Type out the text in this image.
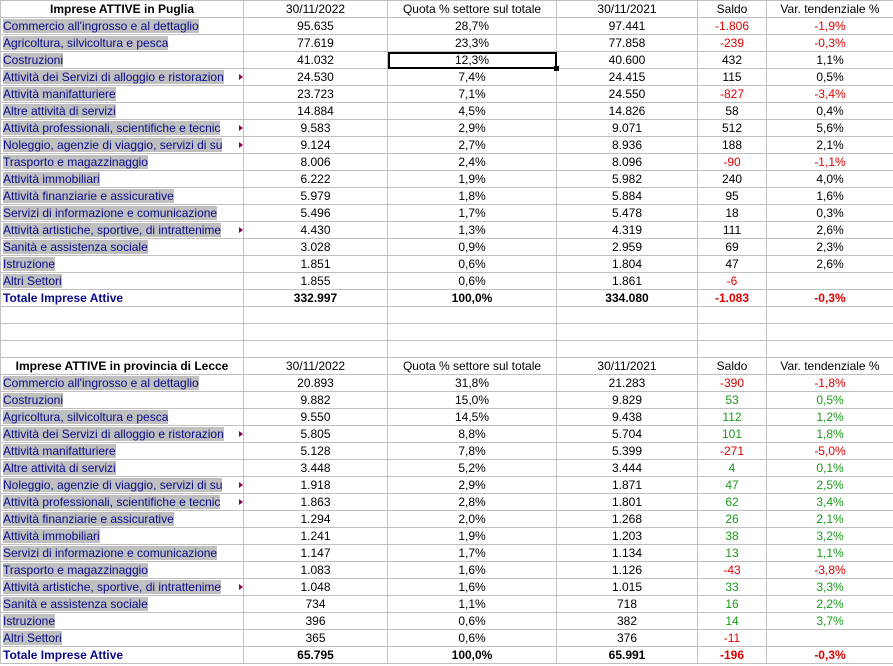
Imprese ATTIVE in Puglia	30/11/2022	Quota % settore sul totale	30/11/2021	Saldo	Var. tendenziale %
Commercio all'ingrosso e al dettaglio	95.635	28,7%	97.441	-1.806	-1,9%
Agricoltura, silvicoltura e pesca	77.619	23,3%	77.858	-239	-0,3%
Costruzioni	41.032	12,3%	40.600	432	1,1%
Attività dei Servizi di alloggio e ristorazion	24.530	7,4%	24.415	115	0,5%
Attività manifatturiere	23.723	7,1%	24.550	-827	-3,4%
Altre attività di servizi	14.884	4,5%	14.826	58	0,4%
Attività professionali, scientifiche e tecnic	9.583	2,9%	9.071	512	5,6%
Noleggio, agenzie di viaggio, servizi di su	9.124	2,7%	8.936	188	2,1%
Trasporto e magazzinaggio	8.006	2,4%	8.096	-90	-1,1%
Attività immobiliari	6.222	1,9%	5.982	240	4,0%
Attività finanziarie e assicurative	5.979	1,8%	5.884	95	1,6%
Servizi di informazione e comunicazione	5.496	1,7%	5.478	18	0,3%
Attività artistiche, sportive, di intrattenime	4.430	1,3%	4.319	111	2,6%
Sanità e assistenza sociale	3.028	0,9%	2.959	69	2,3%
Istruzione	1.851	0,6%	1.804	47	2,6%
Altri Settori	1.855	0,6%	1.861	-6	
Totale Imprese Attive	332.997	100,0%	334.080	-1.083	-0,3%

Imprese ATTIVE in provincia di Lecce	30/11/2022	Quota % settore sul totale	30/11/2021	Saldo	Var. tendenziale %
Commercio all'ingrosso e al dettaglio	20.893	31,8%	21.283	-390	-1,8%
Costruzioni	9.882	15,0%	9.829	53	0,5%
Agricoltura, silvicoltura e pesca	9.550	14,5%	9.438	112	1,2%
Attività dei Servizi di alloggio e ristorazion	5.805	8,8%	5.704	101	1,8%
Attività manifatturiere	5.128	7,8%	5.399	-271	-5,0%
Altre attività di servizi	3.448	5,2%	3.444	4	0,1%
Noleggio, agenzie di viaggio, servizi di su	1.918	2,9%	1.871	47	2,5%
Attività professionali, scientifiche e tecnic	1.863	2,8%	1.801	62	3,4%
Attività finanziarie e assicurative	1.294	2,0%	1.268	26	2,1%
Attività immobiliari	1.241	1,9%	1.203	38	3,2%
Servizi di informazione e comunicazione	1.147	1,7%	1.134	13	1,1%
Trasporto e magazzinaggio	1.083	1,6%	1.126	-43	-3,8%
Attività artistiche, sportive, di intrattenime	1.048	1,6%	1.015	33	3,3%
Sanità e assistenza sociale	734	1,1%	718	16	2,2%
Istruzione	396	0,6%	382	14	3,7%
Altri Settori	365	0,6%	376	-11	
Totale Imprese Attive	65.795	100,0%	65.991	-196	-0,3%
